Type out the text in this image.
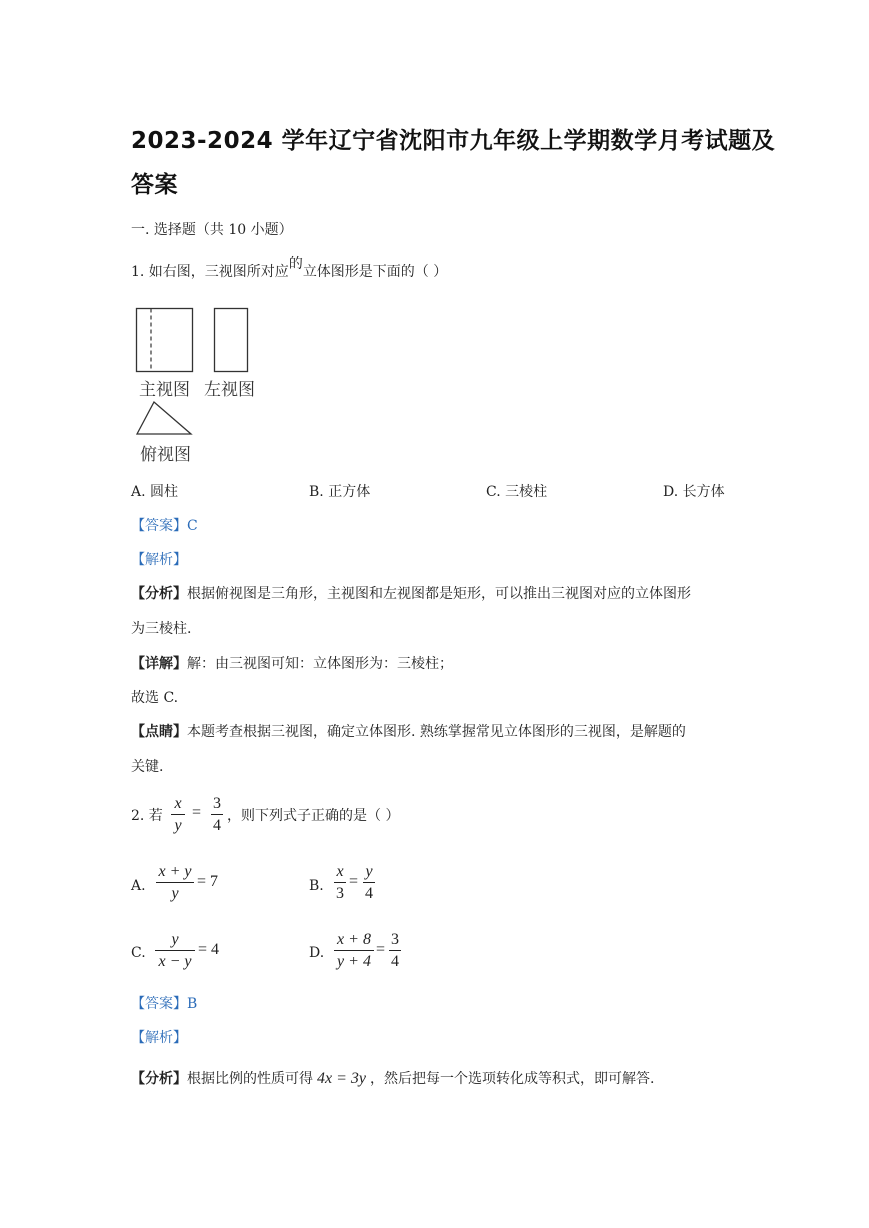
2023-2024 学年辽宁省沈阳市九年级上学期数学月考试题及
答案
一. 选择题（共 10 小题）
1. 如右图，三视图所对应的立体图形是下面的（ ）
主视图 左视图
俯视图
A. 圆柱	B. 正方体	C. 三棱柱	D. 长方体
【答案】C
【解析】
【分析】根据俯视图是三角形，主视图和左视图都是矩形，可以推出三视图对应的立体图形
为三棱柱.
【详解】解：由三视图可知：立体图形为：三棱柱；
故选 C.
【点睛】本题考查根据三视图，确定立体图形. 熟练掌握常见立体图形的三视图，是解题的
关键.
2. 若
x
y
=
3
4
，则下列式子正确的是（ ）
A.
x + y
y
= 7	B.
x
3
=
y
4
C.
y
x − y
= 4	D.
x + 8
y + 4
=
3
4
【答案】B
【解析】
【分析】根据比例的性质可得 4x = 3y ，然后把每一个选项转化成等积式，即可解答.
